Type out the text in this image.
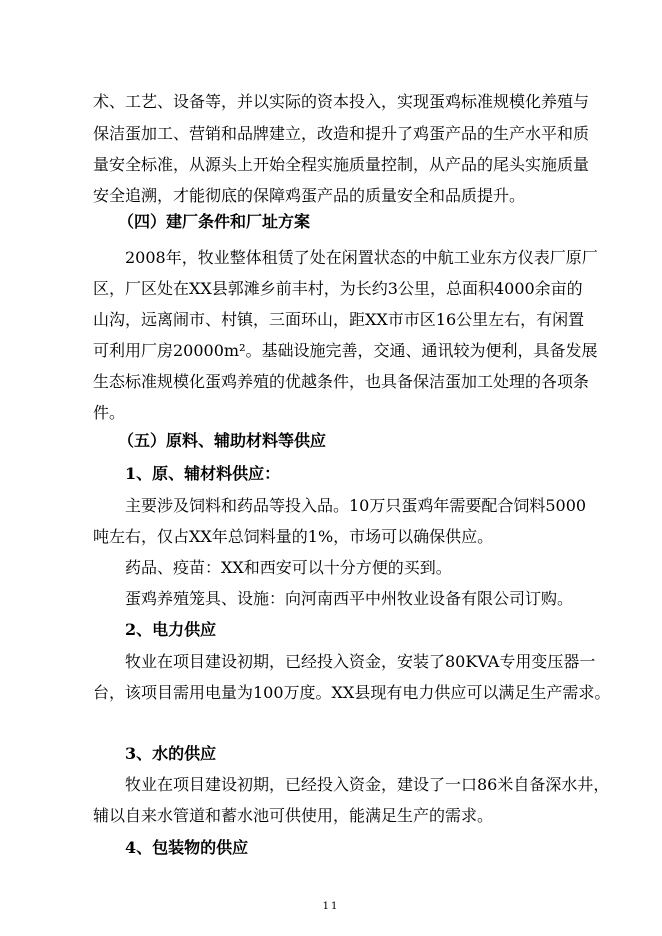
术、工艺、设备等，并以实际的资本投入，实现蛋鸡标准规模化养殖与
保洁蛋加工、营销和品牌建立，改造和提升了鸡蛋产品的生产水平和质
量安全标准，从源头上开始全程实施质量控制，从产品的尾头实施质量
安全追溯，才能彻底的保障鸡蛋产品的质量安全和品质提升。
（四）建厂条件和厂址方案
2008年，牧业整体租赁了处在闲置状态的中航工业东方仪表厂原厂
区，厂区处在XX县郭滩乡前丰村，为长约3公里，总面积4000余亩的
山沟，远离闹市、村镇，三面环山，距XX市市区16公里左右，有闲置
可利用厂房20000m²。基础设施完善，交通、通讯较为便利，具备发展
生态标准规模化蛋鸡养殖的优越条件，也具备保洁蛋加工处理的各项条
件。
（五）原料、辅助材料等供应
1、原、辅材料供应：
主要涉及饲料和药品等投入品。10万只蛋鸡年需要配合饲料5000
吨左右，仅占XX年总饲料量的1%，市场可以确保供应。
药品、疫苗：XX和西安可以十分方便的买到。
蛋鸡养殖笼具、设施：向河南西平中州牧业设备有限公司订购。
2、电力供应
牧业在项目建设初期，已经投入资金，安装了80KVA专用变压器一
台，该项目需用电量为100万度。XX县现有电力供应可以满足生产需求。
3、水的供应
牧业在项目建设初期，已经投入资金，建设了一口86米自备深水井，
辅以自来水管道和蓄水池可供使用，能满足生产的需求。
4、包装物的供应
11
